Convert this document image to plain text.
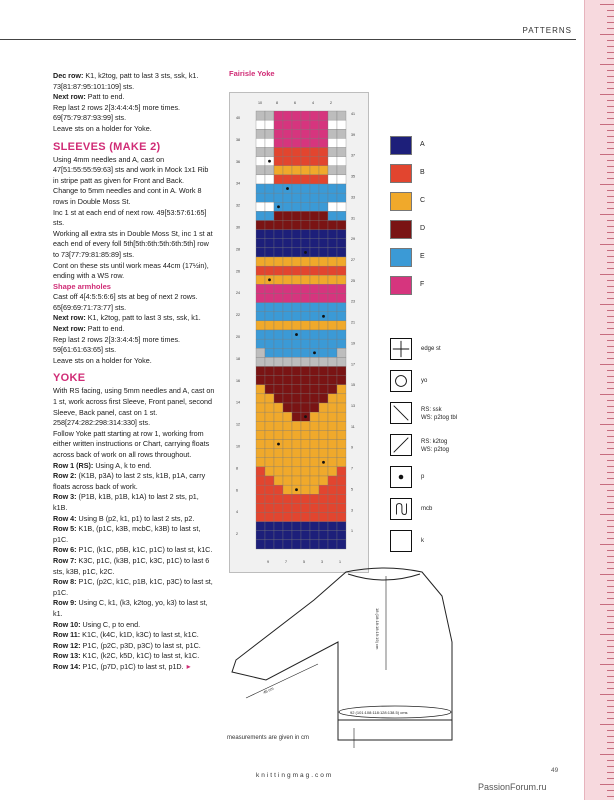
PATTERNS

Dec row: K1, k2tog, patt to last 3 sts, ssk, k1. 73[81:87:95:101:109] sts.

Next row: Patt to end.

Rep last 2 rows 2[3:4:4:4:5] more times. 69[75:79:87:93:99] sts.

Leave sts on a holder for Yoke.

SLEEVES (MAKE 2)

Using 4mm needles and A, cast on 47[51:55:55:59:63] sts and work in Mock 1x1 Rib in stripe patt as given for Front and Back.

Change to 5mm needles and cont in A. Work 8 rows in Double Moss St.

Inc 1 st at each end of next row. 49[53:57:61:65] sts.

Working all extra sts in Double Moss St, inc 1 st at each end of every foll 5th[5th:6th:5th:6th:5th] row to 73[77:79:81:85:89] sts.

Cont on these sts until work meas 44cm (17½in), ending with a WS row.

Shape armholes

Cast off 4[4:5:5:6:6] sts at beg of next 2 rows. 65[69:69:71:73:77] sts.

Next row: K1, k2tog, patt to last 3 sts, ssk, k1.

Next row: Patt to end.

Rep last 2 rows 2[3:3:4:4:5] more times. 59[61:61:63:65] sts.

Leave sts on a holder for Yoke.

YOKE

With RS facing, using 5mm needles and A, cast on 1 st, work across first Sleeve, Front panel, second Sleeve, Back panel, cast on 1 st. 258[274:282:298:314:330] sts.

Follow Yoke patt starting at row 1, working from either written instructions or Chart, carrying floats across back of work on all rows throughout.

Row 1 (RS): Using A, k to end.

Row 2: (K1B, p3A) to last 2 sts, k1B, p1A, carry floats across back of work.

Row 3: (P1B, k1B, p1B, k1A) to last 2 sts, p1, k1B.

Row 4: Using B (p2, k1, p1) to last 2 sts, p2.

Row 5: K1B, (p1C, k3B, mcbC, k3B) to last st, p1C.

Row 6: P1C, (k1C, p5B, k1C, p1C) to last st, k1C.

Row 7: K3C, p1C, (k3B, p1C, k3C, p1C) to last 6 sts, k3B, p1C, k2C.

Row 8: P1C, (p2C, k1C, p1B, k1C, p3C) to last st, p1C.

Row 9: Using C, k1, (k3, k2tog, yo, k3) to last st, k1.

Row 10: Using C, p to end.

Row 11: K1C, (k4C, k1D, k3C) to last st, k1C.

Row 12: P1C, (p2C, p3D, p3C) to last st, p1C.

Row 13: K1C, (k2C, k5D, k1C) to last st, k1C.

Row 14: P1C, (p7D, p1C) to last st, p1D. ▸

Fairisle Yoke
40
38
36
34
32
30
28
26
24
22
20
18
16
14
12
10
8
6
4
2
41
39
37
35
33
31
29
27
25
23
21
19
17
15
13
11
9
7
5
3
1
10	8	6	4	2
9	7	5	3	1
A
B
C
D
E
F
edge st
yo
RS: ssk
WS: p2tog tbl
RS: k2tog
WS: p2tog
p
mcb
k
18 (18:18:18:19:19) cm
46 cm
92 (101:108:118:128:138.5) cms
measurements are given in cm
knittingmag.com
49
PassionForum.ru
